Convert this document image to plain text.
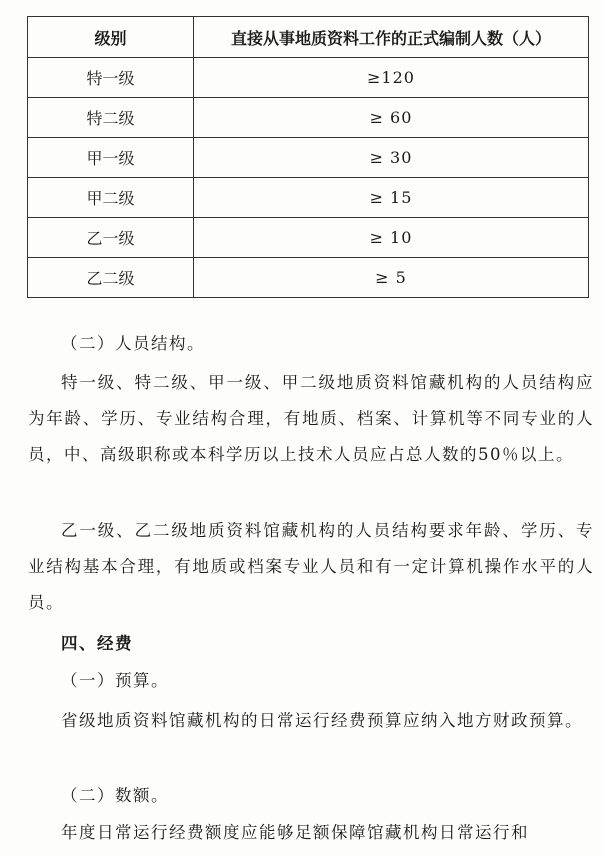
级别	直接从事地质资料工作的正式编制人数（人）
特一级	≥120
特二级	≥ 60
甲一级	≥ 30
甲二级	≥ 15
乙一级	≥ 10
乙二级	≥ 5

（二）人员结构。

特一级、特二级、甲一级、甲二级地质资料馆藏机构的人员结构应为年龄、学历、专业结构合理，有地质、档案、计算机等不同专业的人员，中、高级职称或本科学历以上技术人员应占总人数的50％以上。

乙一级、乙二级地质资料馆藏机构的人员结构要求年龄、学历、专业结构基本合理，有地质或档案专业人员和有一定计算机操作水平的人员。

四、经费

（一）预算。

省级地质资料馆藏机构的日常运行经费预算应纳入地方财政预算。

（二）数额。

年度日常运行经费额度应能够足额保障馆藏机构日常运行和
